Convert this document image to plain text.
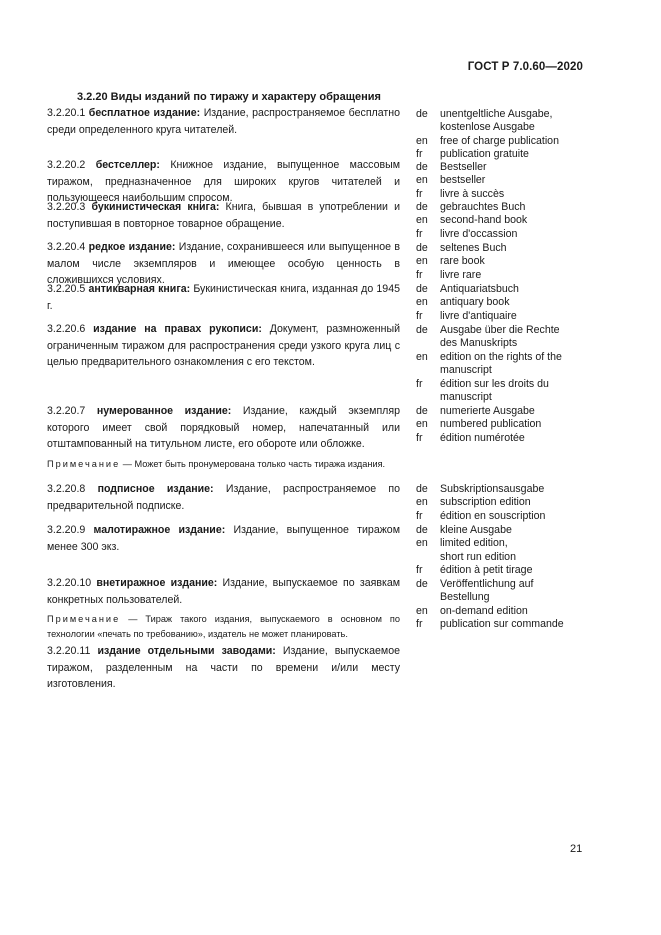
ГОСТ Р 7.0.60—2020
3.2.20 Виды изданий по тиражу и характеру обращения
3.2.20.1 бесплатное издание: Издание, распространяемое бесплатно среди определенного круга читателей.
de	unentgeltliche Ausgabe,
kostenlose Ausgabe
en	free of charge publication
fr	publication gratuite
3.2.20.2 бестселлер: Книжное издание, выпущенное массовым тиражом, предназначенное для широких кругов читателей и пользующееся наибольшим спросом.
de	Bestseller
en	bestseller
fr	livre à succès
3.2.20.3 букинистическая книга: Книга, бывшая в употреблении и поступившая в повторное товарное обращение.
de	gebrauchtes Buch
en	second-hand book
fr	livre d'occassion
3.2.20.4 редкое издание: Издание, сохранившееся или выпущенное в малом числе экземпляров и имеющее особую ценность в сложившихся условиях.
de	seltenes Buch
en	rare book
fr	livre rare
3.2.20.5 антикварная книга: Букинистическая книга, изданная до 1945 г.
de	Antiquariatsbuch
en	antiquary book
fr	livre d'antiquaire
3.2.20.6 издание на правах рукописи: Документ, размноженный ограниченным тиражом для распространения среди узкого круга лиц с целью предварительного ознакомления с его текстом.
de	Ausgabe über die Rechte
des Manuskripts
en	edition on the rights of the
manuscript
fr	édition sur les droits du
manuscript
3.2.20.7 нумерованное издание: Издание, каждый экземпляр которого имеет свой порядковый номер, напечатанный или отштампованный на титульном листе, его обороте или обложке.
Примечание — Может быть пронумерована только часть тиража издания.
de	numerierte Ausgabe
en	numbered publication
fr	édition numérotée
3.2.20.8 подписное издание: Издание, распространяемое по предварительной подписке.
de	Subskriptionsausgabe
en	subscription edition
fr	édition en souscription
3.2.20.9 малотиражное издание: Издание, выпущенное тиражом менее 300 экз.
de	kleine Ausgabe
en	limited edition,
short run edition
fr	édition à petit tirage
3.2.20.10 внетиражное издание: Издание, выпускаемое по заявкам конкретных пользователей.
Примечание — Тираж такого издания, выпускаемого в основном по технологии «печать по требованию», издатель не может планировать.
de	Veröffentlichung auf
Bestellung
en	on-demand edition
fr	publication sur commande
3.2.20.11 издание отдельными заводами: Издание, выпускаемое тиражом, разделенным на части по времени и/или месту изготовления.
21
